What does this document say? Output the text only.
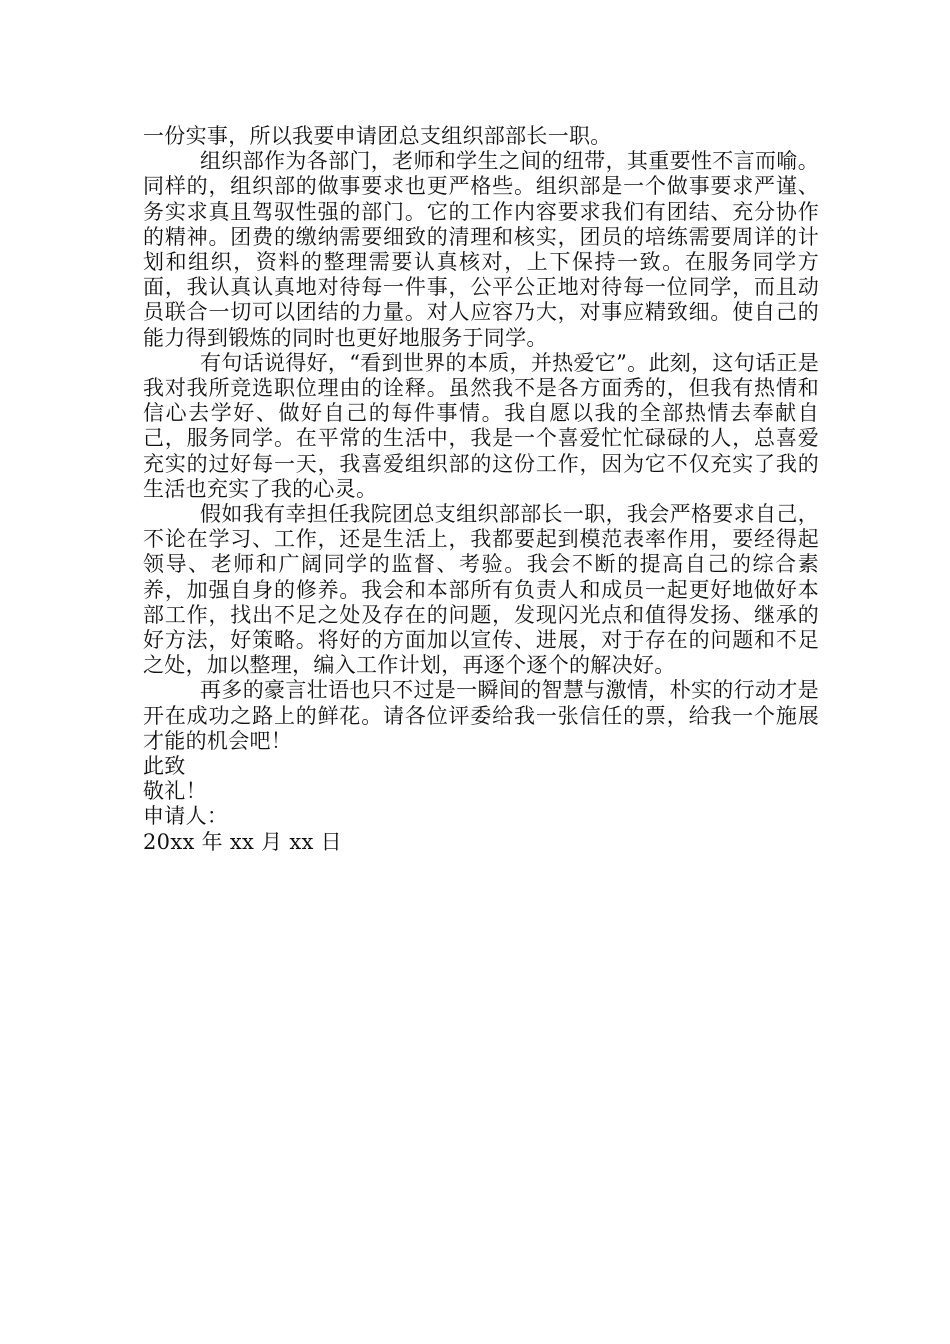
一份实事，所以我要申请团总支组织部部长一职。

组织部作为各部门，老师和学生之间的纽带，其重要性不言而喻。同样的，组织部的做事要求也更严格些。组织部是一个做事要求严谨、务实求真且驾驭性强的部门。它的工作内容要求我们有团结、充分协作的精神。团费的缴纳需要细致的清理和核实，团员的培练需要周详的计划和组织，资料的整理需要认真核对，上下保持一致。在服务同学方面，我认真认真地对待每一件事，公平公正地对待每一位同学，而且动员联合一切可以团结的力量。对人应容乃大，对事应精致细。使自己的能力得到锻炼的同时也更好地服务于同学。

有句话说得好，“看到世界的本质，并热爱它”。此刻，这句话正是我对我所竞选职位理由的诠释。虽然我不是各方面秀的，但我有热情和信心去学好、做好自己的每件事情。我自愿以我的全部热情去奉献自己，服务同学。在平常的生活中，我是一个喜爱忙忙碌碌的人，总喜爱充实的过好每一天，我喜爱组织部的这份工作，因为它不仅充实了我的生活也充实了我的心灵。

假如我有幸担任我院团总支组织部部长一职，我会严格要求自己，不论在学习、工作，还是生活上，我都要起到模范表率作用，要经得起领导、老师和广阔同学的监督、考验。我会不断的提高自己的综合素养，加强自身的修养。我会和本部所有负责人和成员一起更好地做好本部工作，找出不足之处及存在的问题，发现闪光点和值得发扬、继承的好方法，好策略。将好的方面加以宣传、进展，对于存在的问题和不足之处，加以整理，编入工作计划，再逐个逐个的解决好。

再多的豪言壮语也只不过是一瞬间的智慧与激情，朴实的行动才是开在成功之路上的鲜花。请各位评委给我一张信任的票，给我一个施展才能的机会吧！

此致

敬礼！

申请人：

20xx 年 xx 月 xx 日
